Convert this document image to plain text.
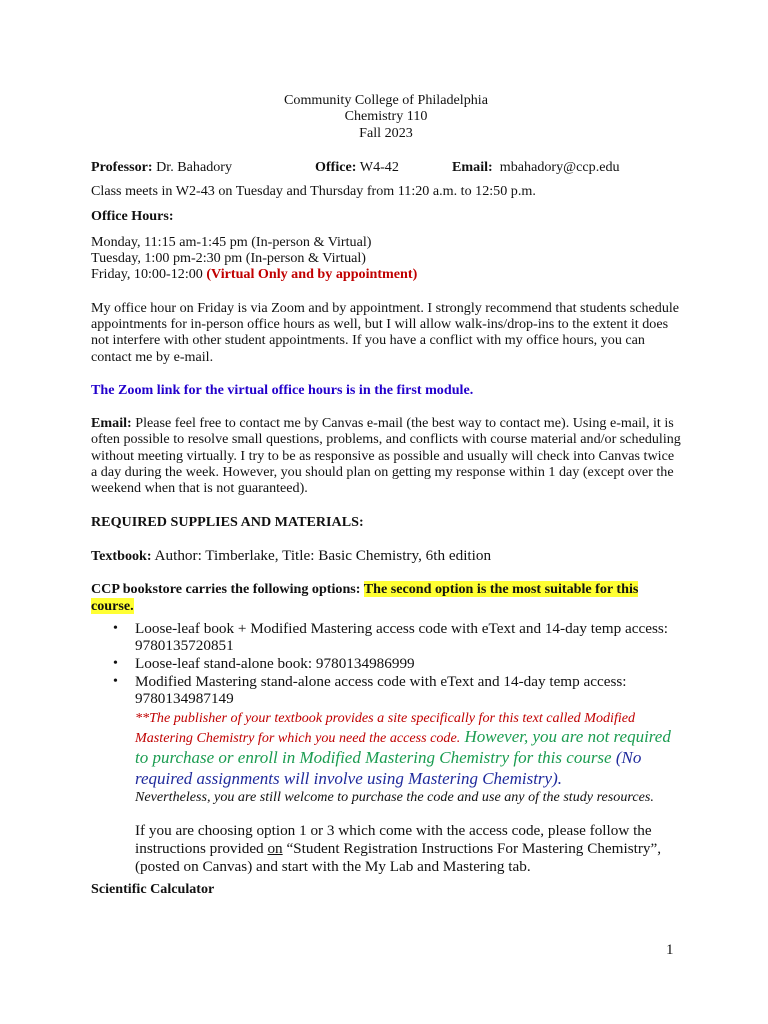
Community College of Philadelphia

Chemistry 110

Fall 2023

Professor: Dr. Bahadory	Office: W4-42	Email: mbahadory@ccp.edu

Class meets in W2-43 on Tuesday and Thursday from 11:20 a.m. to 12:50 p.m.

Office Hours:

Monday, 11:15 am-1:45 pm (In-person & Virtual)

Tuesday, 1:00 pm-2:30 pm (In-person & Virtual)

Friday, 10:00-12:00 (Virtual Only and by appointment)

My office hour on Friday is via Zoom and by appointment. I strongly recommend that students schedule appointments for in-person office hours as well, but I will allow walk-ins/drop-ins to the extent it does not interfere with other student appointments. If you have a conflict with my office hours, you can contact me by e-mail.

The Zoom link for the virtual office hours is in the first module.

Email: Please feel free to contact me by Canvas e-mail (the best way to contact me). Using e-mail, it is often possible to resolve small questions, problems, and conflicts with course material and/or scheduling without meeting virtually. I try to be as responsive as possible and usually will check into Canvas twice a day during the week. However, you should plan on getting my response within 1 day (except over the weekend when that is not guaranteed).

REQUIRED SUPPLIES AND MATERIALS:

Textbook: Author: Timberlake, Title: Basic Chemistry, 6th edition

CCP bookstore carries the following options: The second option is the most suitable for this course.

• Loose-leaf book + Modified Mastering access code with eText and 14-day temp access: 9780135720851
• Loose-leaf stand-alone book: 9780134986999
• Modified Mastering stand-alone access code with eText and 14-day temp access: 9780134987149

**The publisher of your textbook provides a site specifically for this text called Modified Mastering Chemistry for which you need the access code. However, you are not required to purchase or enroll in Modified Mastering Chemistry for this course (No required assignments will involve using Mastering Chemistry).

Nevertheless, you are still welcome to purchase the code and use any of the study resources.

If you are choosing option 1 or 3 which come with the access code, please follow the instructions provided on “Student Registration Instructions For Mastering Chemistry”, (posted on Canvas) and start with the My Lab and Mastering tab.

Scientific Calculator

1
